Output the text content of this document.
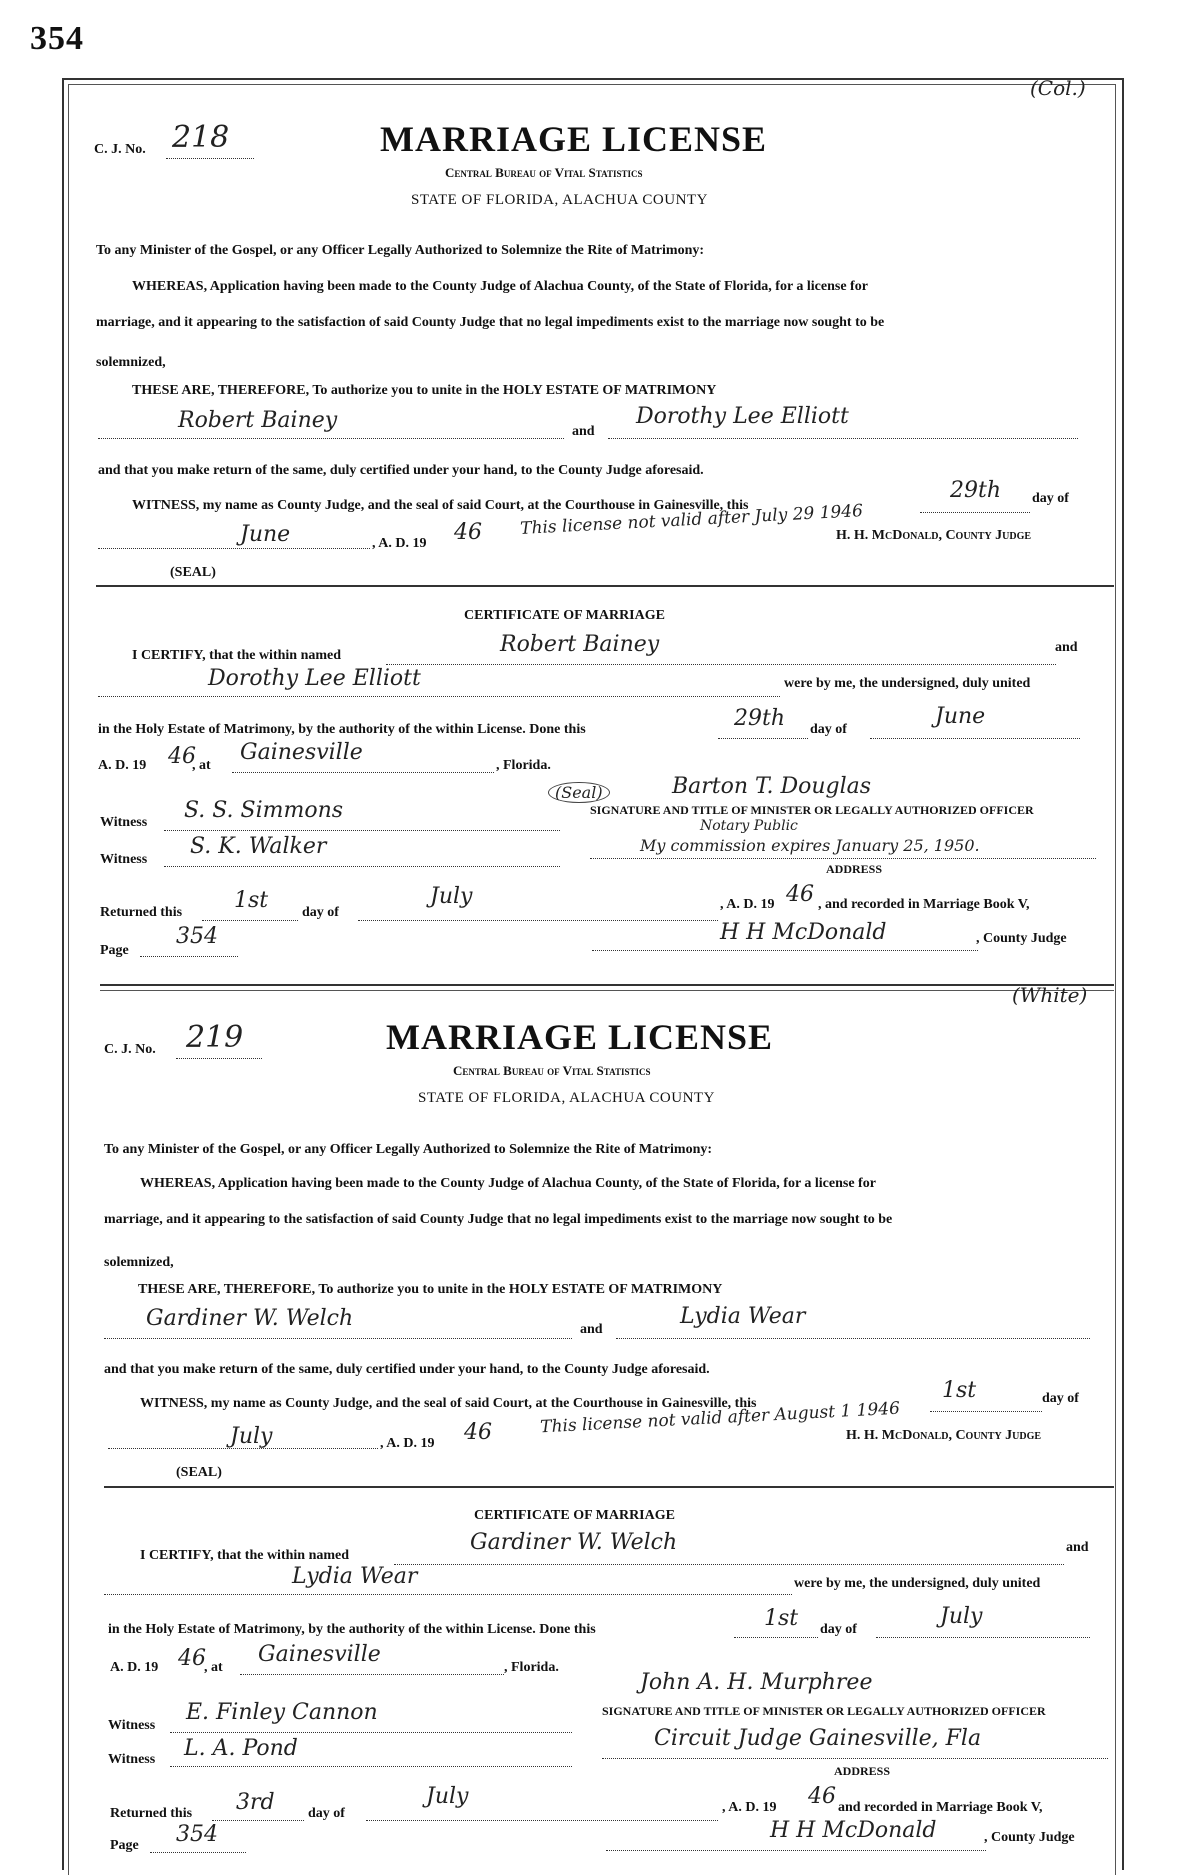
354
(Col.)
C. J. No. 218	MARRIAGE LICENSE
Central Bureau of Vital Statistics
STATE OF FLORIDA, ALACHUA COUNTY
To any Minister of the Gospel, or any Officer Legally Authorized to Solemnize the Rite of Matrimony:
WHEREAS, Application having been made to the County Judge of Alachua County, of the State of Florida, for a license for
marriage, and it appearing to the satisfaction of said County Judge that no legal impediments exist to the marriage now sought to be
solemnized,
THESE ARE, THEREFORE, To authorize you to unite in the HOLY ESTATE OF MATRIMONY
Robert Bainey	and
Dorothy Lee Elliott
and that you make return of the same, duly certified under your hand, to the County Judge aforesaid.
WITNESS, my name as County Judge, and the seal of said Court, at the Courthouse in Gainesville, this
29th day of
June	, A. D. 19 46 This license not valid after July 29 1946
H. H. McDonald, County Judge
(SEAL)
CERTIFICATE OF MARRIAGE
I CERTIFY, that the within named	Robert Bainey	and
Dorothy Lee Elliott	were by me, the undersigned, duly united
in the Holy Estate of Matrimony, by the authority of the within License. Done this	29th day of
June
A. D. 19 46
, at
Gainesville
, Florida.
Witness S. S. Simmons
Witness
S. K. Walker
(Seal)	Barton T. Douglas
SIGNATURE AND TITLE OF MINISTER OR LEGALLY AUTHORIZED OFFICER
Notary Public
My commission expires January 25, 1950.
ADDRESS
Returned this 1st day of
July	, A. D. 19 46 , and recorded in Marriage Book V,
Page
354	H H McDonald	, County Judge
(White)
C. J. No. 219	MARRIAGE LICENSE
Central Bureau of Vital Statistics
STATE OF FLORIDA, ALACHUA COUNTY
To any Minister of the Gospel, or any Officer Legally Authorized to Solemnize the Rite of Matrimony:
WHEREAS, Application having been made to the County Judge of Alachua County, of the State of Florida, for a license for
marriage, and it appearing to the satisfaction of said County Judge that no legal impediments exist to the marriage now sought to be
solemnized,
THESE ARE, THEREFORE, To authorize you to unite in the HOLY ESTATE OF MATRIMONY
Gardiner W. Welch	and
Lydia Wear
and that you make return of the same, duly certified under your hand, to the County Judge aforesaid.
WITNESS, my name as County Judge, and the seal of said Court, at the Courthouse in Gainesville, this
1st	day of
July	, A. D. 19 46	This license not valid after August 1 1946
H. H. McDonald, County Judge
(SEAL)
CERTIFICATE OF MARRIAGE
I CERTIFY, that the within named
Gardiner W. Welch	and
Lydia Wear	were by me, the undersigned, duly united
in the Holy Estate of Matrimony, by the authority of the within License. Done this	1st day of
July
A. D. 19 46
, at
Gainesville
, Florida.
Witness
E. Finley Cannon
Witness L. A. Pond
John A. H. Murphree
SIGNATURE AND TITLE OF MINISTER OR LEGALLY AUTHORIZED OFFICER
Circuit Judge Gainesville, Fla
ADDRESS
Returned this 3rd day of
July	, A. D. 19 46 and recorded in Marriage Book V,
Page 354	H H McDonald	, County Judge
